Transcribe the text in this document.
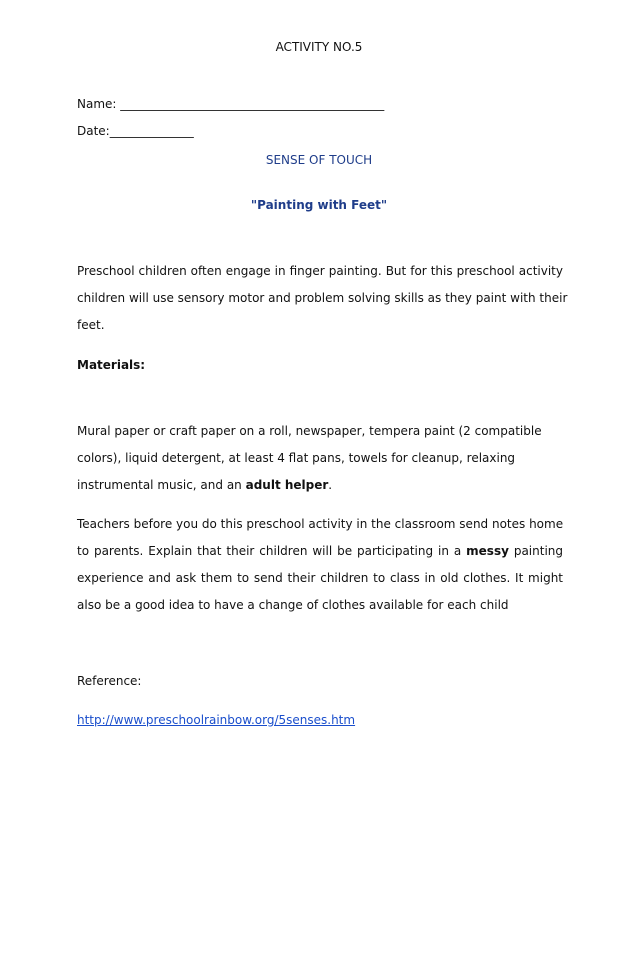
ACTIVITY NO.5
Name: ____________________________________________
Date:______________
SENSE OF TOUCH
"Painting with Feet"
Preschool children often engage in finger painting. But for this preschool activity
children will use sensory motor and problem solving skills as they paint with their
feet.
Materials:
Mural paper or craft paper on a roll, newspaper, tempera paint (2 compatible
colors), liquid detergent, at least 4 flat pans, towels for cleanup, relaxing
instrumental music, and an adult helper.
Teachers before you do this preschool activity in the classroom send notes home
to parents. Explain that their children will be participating in a messy painting
experience and ask them to send their children to class in old clothes. It might
also be a good idea to have a change of clothes available for each child
Reference:
http://www.preschoolrainbow.org/5senses.htm
